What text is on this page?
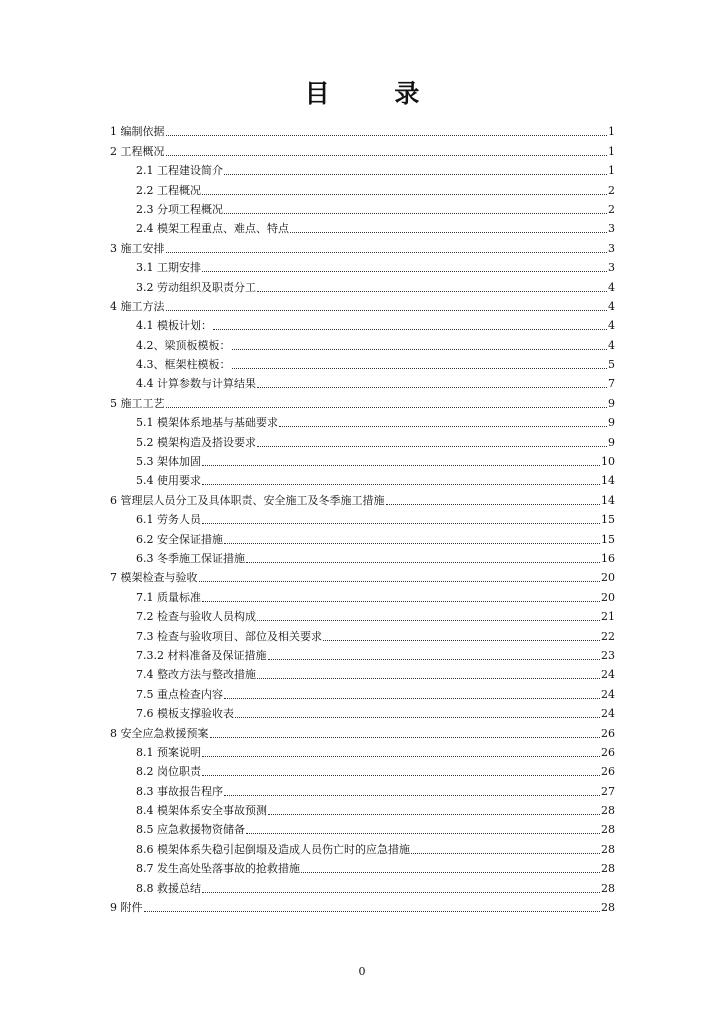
目 录
1 编制依据	1
2 工程概况	1
2.1 工程建设简介	1
2.2 工程概况	2
2.3 分项工程概况	2
2.4 模架工程重点、难点、特点	3
3 施工安排	3
3.1 工期安排	3
3.2 劳动组织及职责分工	4
4 施工方法	4
4.1 模板计划：	4
4.2、梁顶板模板：	4
4.3、框架柱模板：	5
4.4 计算参数与计算结果	7
5 施工工艺	9
5.1 模架体系地基与基础要求	9
5.2 模架构造及搭设要求	9
5.3 架体加固	10
5.4 使用要求	14
6 管理层人员分工及具体职责、安全施工及冬季施工措施	14
6.1 劳务人员	15
6.2 安全保证措施	15
6.3 冬季施工保证措施	16
7 模架检查与验收	20
7.1 质量标准	20
7.2 检查与验收人员构成	21
7.3 检查与验收项目、部位及相关要求	22
7.3.2 材料准备及保证措施	23
7.4 整改方法与整改措施	24
7.5 重点检查内容	24
7.6 模板支撑验收表	24
8 安全应急救援预案	26
8.1 预案说明	26
8.2 岗位职责	26
8.3 事故报告程序	27
8.4 模架体系安全事故预测	28
8.5 应急救援物资储备	28
8.6 模架体系失稳引起倒塌及造成人员伤亡时的应急措施	28
8.7 发生高处坠落事故的抢救措施	28
8.8 救援总结	28
9 附件	28
0
